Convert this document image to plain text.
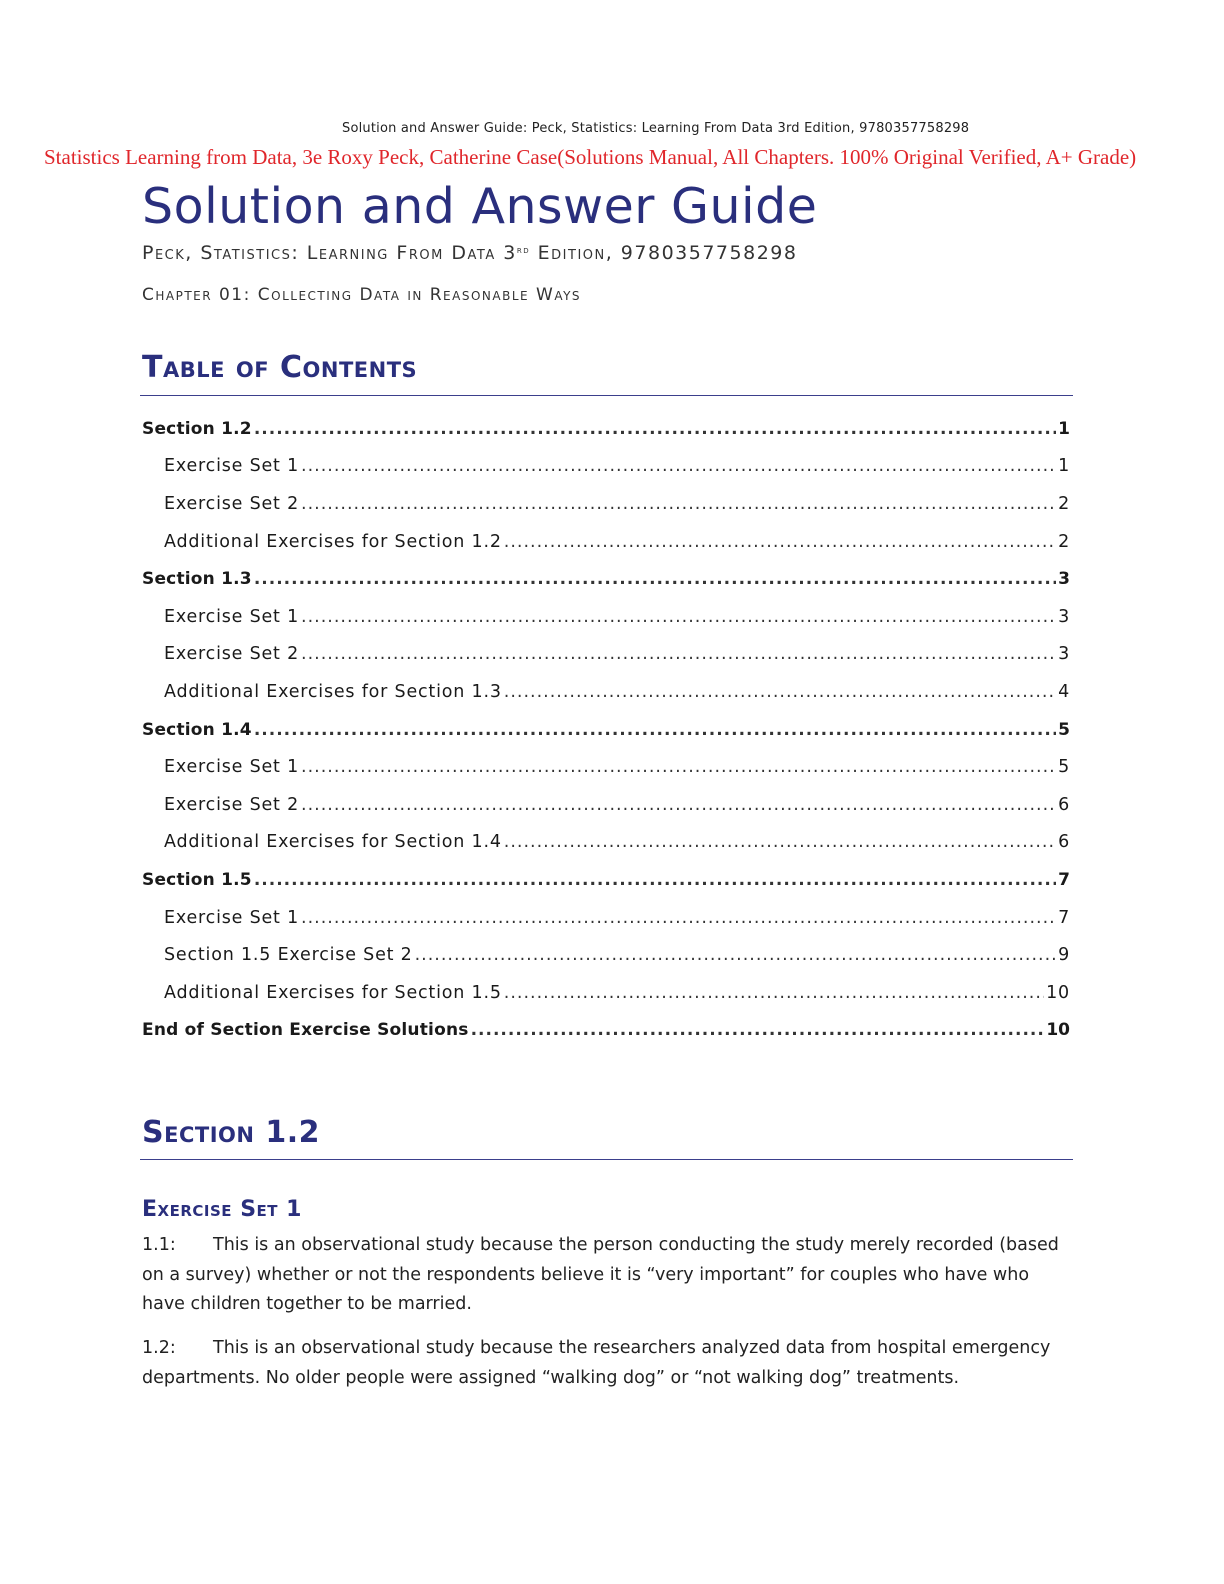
Solution and Answer Guide: Peck, Statistics: Learning From Data 3rd Edition, 9780357758298
Statistics Learning from Data, 3e Roxy Peck, Catherine Case(Solutions Manual, All Chapters. 100% Original Verified, A+ Grade)
Solution and Answer Guide
Peck, Statistics: Learning From Data 3rd Edition, 9780357758298
Chapter 01: Collecting Data in Reasonable Ways
Table of Contents
Section 1.2 .....	1
Exercise Set 1 .....	1
Exercise Set 2 .....	2
Additional Exercises for Section 1.2 .....	2
Section 1.3 .....	3
Exercise Set 1 .....	3
Exercise Set 2 .....	3
Additional Exercises for Section 1.3 .....	4
Section 1.4 .....	5
Exercise Set 1 .....	5
Exercise Set 2 .....	6
Additional Exercises for Section 1.4 .....	6
Section 1.5 .....	7
Exercise Set 1 .....	7
Section 1.5 Exercise Set 2 .....	9
Additional Exercises for Section 1.5 .....	10
End of Section Exercise Solutions .....	10
Section 1.2
Exercise Set 1
1.1: This is an observational study because the person conducting the study merely recorded (based on a survey) whether or not the respondents believe it is “very important” for couples who have who have children together to be married.
1.2: This is an observational study because the researchers analyzed data from hospital emergency departments. No older people were assigned “walking dog” or “not walking dog” treatments.
